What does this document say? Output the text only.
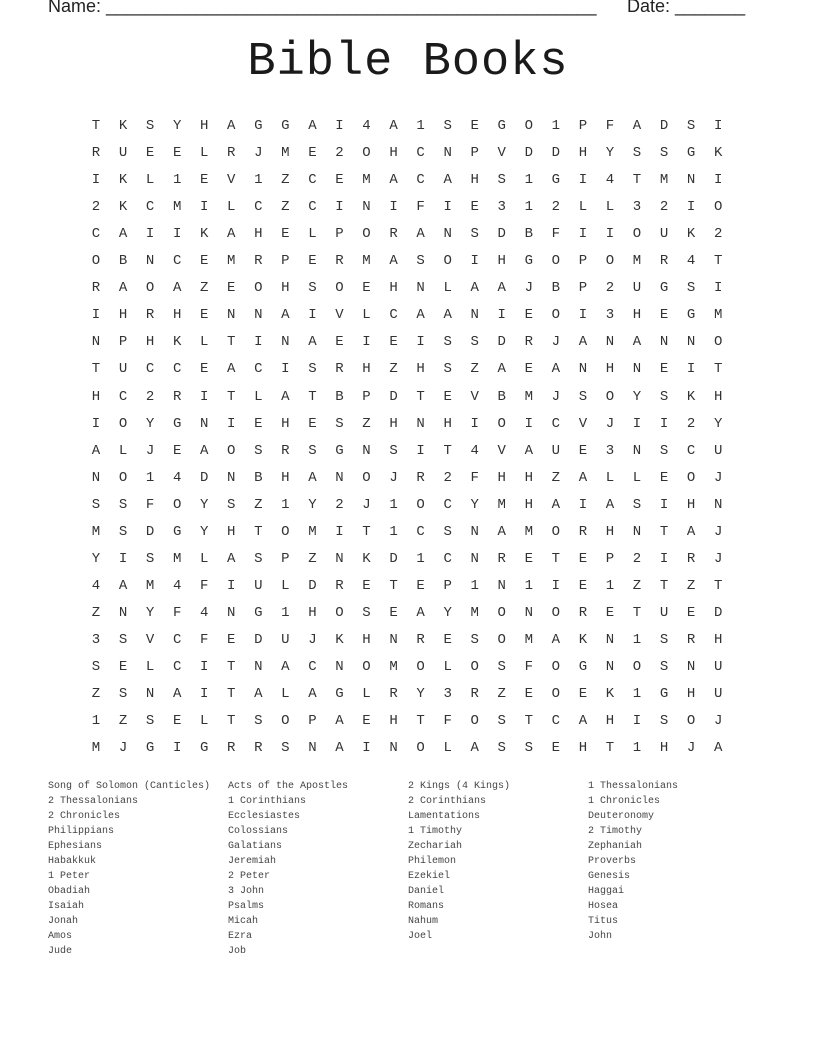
Name: _________________________________________________ Date: _______
Bible Books
T	K	S	Y	H	A	G	G	A	I	4	A	1	S	E	G	O	1	P	F	A	D	S	I
R	U	E	E	L	R	J	M	E	2	O	H	C	N	P	V	D	D	H	Y	S	S	G	K
I	K	L	1	E	V	1	Z	C	E	M	A	C	A	H	S	1	G	I	4	T	M	N	I
2	K	C	M	I	L	C	Z	C	I	N	I	F	I	E	3	1	2	L	L	3	2	I	O
C	A	I	I	K	A	H	E	L	P	O	R	A	N	S	D	B	F	I	I	O	U	K	2
O	B	N	C	E	M	R	P	E	R	M	A	S	O	I	H	G	O	P	O	M	R	4	T
R	A	O	A	Z	E	O	H	S	O	E	H	N	L	A	A	J	B	P	2	U	G	S	I
I	H	R	H	E	N	N	A	I	V	L	C	A	A	N	I	E	O	I	3	H	E	G	M
N	P	H	K	L	T	I	N	A	E	I	E	I	S	S	D	R	J	A	N	A	N	N	O
T	U	C	C	E	A	C	I	S	R	H	Z	H	S	Z	A	E	A	N	H	N	E	I	T
H	C	2	R	I	T	L	A	T	B	P	D	T	E	V	B	M	J	S	O	Y	S	K	H
I	O	Y	G	N	I	E	H	E	S	Z	H	N	H	I	O	I	C	V	J	I	I	2	Y
A	L	J	E	A	O	S	R	S	G	N	S	I	T	4	V	A	U	E	3	N	S	C	U
N	O	1	4	D	N	B	H	A	N	O	J	R	2	F	H	H	Z	A	L	L	E	O	J
S	S	F	O	Y	S	Z	1	Y	2	J	1	O	C	Y	M	H	A	I	A	S	I	H	N
M	S	D	G	Y	H	T	O	M	I	T	1	C	S	N	A	M	O	R	H	N	T	A	J
Y	I	S	M	L	A	S	P	Z	N	K	D	1	C	N	R	E	T	E	P	2	I	R	J
4	A	M	4	F	I	U	L	D	R	E	T	E	P	1	N	1	I	E	1	Z	T	Z	T
Z	N	Y	F	4	N	G	1	H	O	S	E	A	Y	M	O	N	O	R	E	T	U	E	D
3	S	V	C	F	E	D	U	J	K	H	N	R	E	S	O	M	A	K	N	1	S	R	H
S	E	L	C	I	T	N	A	C	N	O	M	O	L	O	S	F	O	G	N	O	S	N	U
Z	S	N	A	I	T	A	L	A	G	L	R	Y	3	R	Z	E	O	E	K	1	G	H	U
1	Z	S	E	L	T	S	O	P	A	E	H	T	F	O	S	T	C	A	H	I	S	O	J
M	J	G	I	G	R	R	S	N	A	I	N	O	L	A	S	S	E	H	T	1	H	J	A
Song of Solomon (Canticles)
2 Thessalonians
2 Chronicles
Philippians
Ephesians
Habakkuk
1 Peter
Obadiah
Isaiah
Jonah
Amos
Jude
Acts of the Apostles
1 Corinthians
Ecclesiastes
Colossians
Galatians
Jeremiah
2 Peter
3 John
Psalms
Micah
Ezra
Job
2 Kings (4 Kings)
2 Corinthians
Lamentations
1 Timothy
Zechariah
Philemon
Ezekiel
Daniel
Romans
Nahum
Joel
1 Thessalonians
1 Chronicles
Deuteronomy
2 Timothy
Zephaniah
Proverbs
Genesis
Haggai
Hosea
Titus
John
